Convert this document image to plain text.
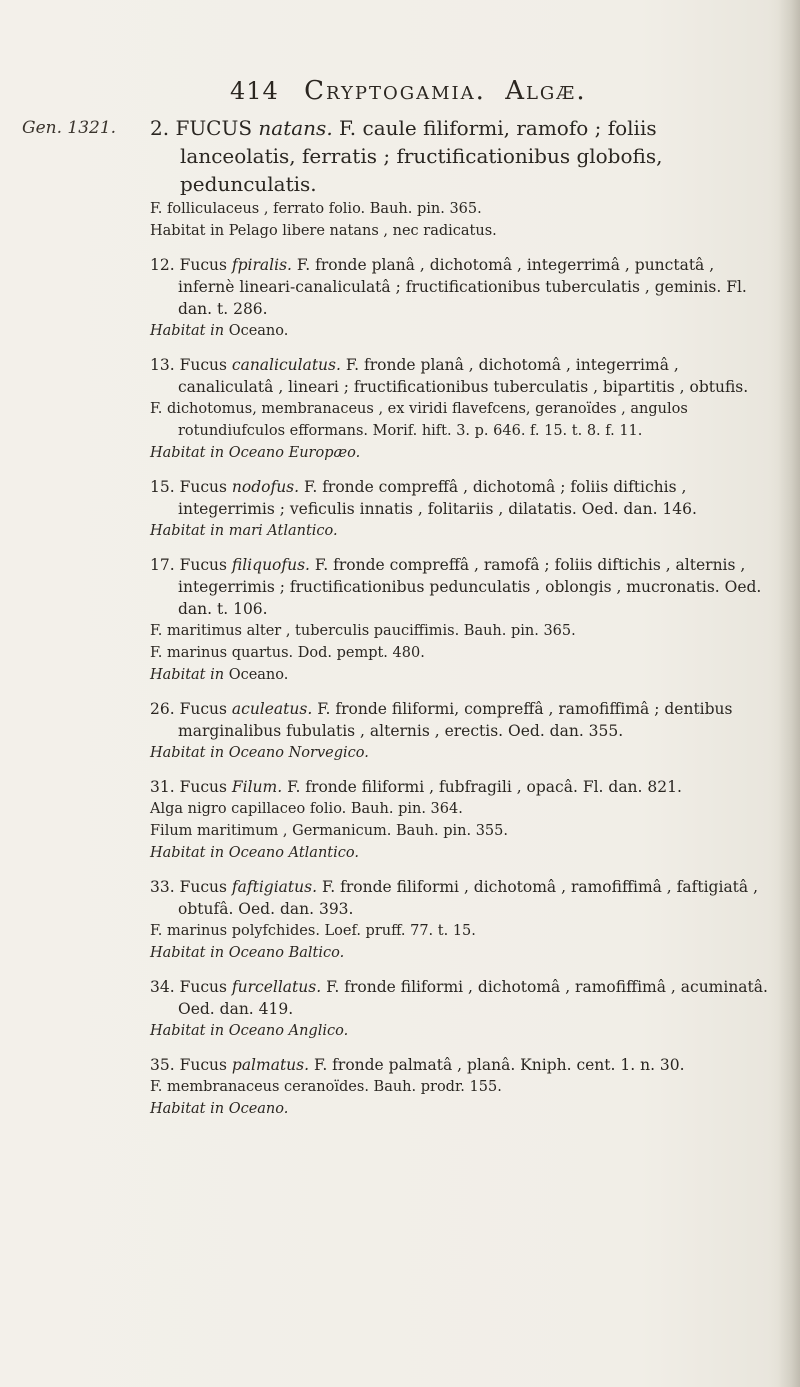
414 Cryptogamia. Algæ.
Gen. 1321. 2. FUCUS natans. F. caule filiformi, ramofo ; foliis lanceolatis, ferratis ; fructificationibus globofis, pedunculatis.

F. folliculaceus , ferrato folio. Bauh. pin. 365.

Habitat in Pelago libere natans , nec radicatus.

12. Fucus fpiralis. F. fronde planâ , dichotomâ , integerrimâ , punctatâ , infernè lineari-canaliculatâ ; fructificationibus tuberculatis , geminis. Fl. dan. t. 286.

Habitat in Oceano.

13. Fucus canaliculatus. F. fronde planâ , dichotomâ , integerrimâ , canaliculatâ , lineari ; fructificationibus tuberculatis , bipartitis , obtufis.

F. dichotomus, membranaceus , ex viridi flavefcens, geranoïdes , angulos rotundiufculos efformans. Morif. hift. 3. p. 646. f. 15. t. 8. f. 11.

Habitat in Oceano Europæo.

15. Fucus nodofus. F. fronde compreffâ , dichotomâ ; foliis diftichis , integerrimis ; veficulis innatis , folitariis , dilatatis. Oed. dan. 146.

Habitat in mari Atlantico.

17. Fucus filiquofus. F. fronde compreffâ , ramofâ ; foliis diftichis , alternis , integerrimis ; fructificationibus pedunculatis , oblongis , mucronatis. Oed. dan. t. 106.

F. maritimus alter , tuberculis pauciffimis. Bauh. pin. 365.

F. marinus quartus. Dod. pempt. 480.

Habitat in Oceano.

26. Fucus aculeatus. F. fronde filiformi, compreffâ , ramofiffimâ ; dentibus marginalibus fubulatis , alternis , erectis. Oed. dan. 355.

Habitat in Oceano Norvegico.

31. Fucus Filum. F. fronde filiformi , fubfragili , opacâ. Fl. dan. 821.

Alga nigro capillaceo folio. Bauh. pin. 364.

Filum maritimum , Germanicum. Bauh. pin. 355.

Habitat in Oceano Atlantico.

33. Fucus faftigiatus. F. fronde filiformi , dichotomâ , ramofiffimâ , faftigiatâ , obtufâ. Oed. dan. 393.

F. marinus polyfchides. Loef. pruff. 77. t. 15.

Habitat in Oceano Baltico.

34. Fucus furcellatus. F. fronde filiformi , dichotomâ , ramofiffimâ , acuminatâ. Oed. dan. 419.

Habitat in Oceano Anglico.

35. Fucus palmatus. F. fronde palmatâ , planâ. Kniph. cent. 1. n. 30.

F. membranaceus ceranoïdes. Bauh. prodr. 155.

Habitat in Oceano.
